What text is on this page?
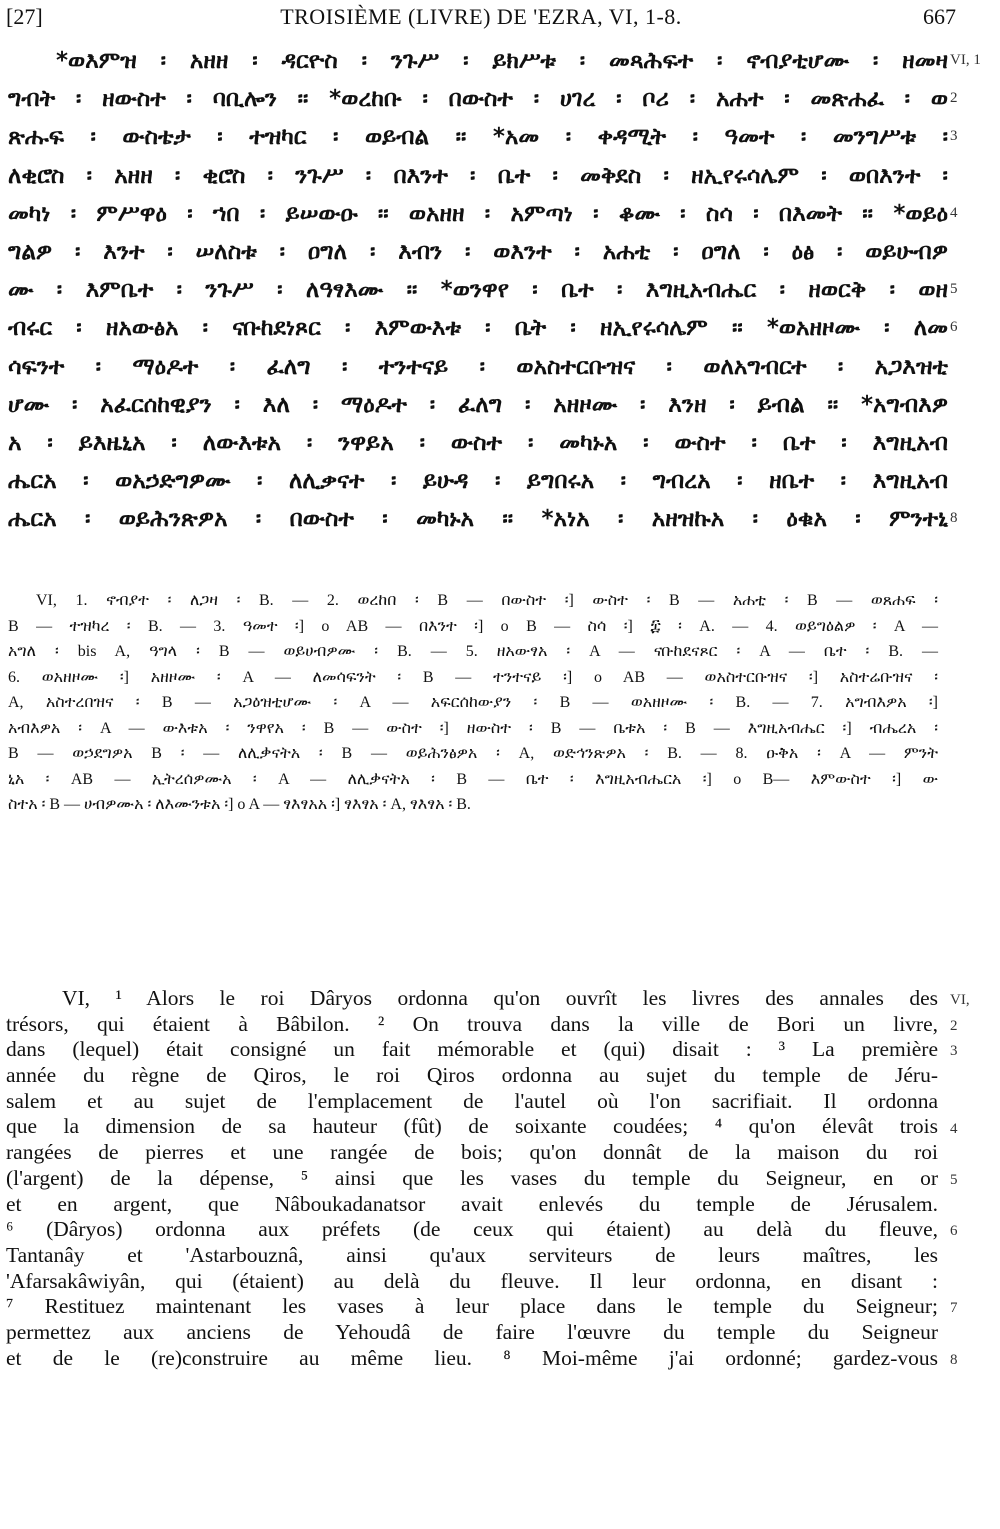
[27]	TROISIÈME (LIVRE) DE 'EZRA, VI, 1-8.	667
*ወእምዝ ፡ አዘዘ ፡ ዳርዮስ ፡ ንጉሥ ፡ ይክሥቱ ፡ መጻሕፍተ ፡ ኖብያቲሆሙ ፡ ዘመዛ
ግብት ፡ ዘውስተ ፡ ባቢሎን ። *ወረከቡ ፡ በውስተ ፡ ሀገረ ፡ ቦሪ ፡ አሐተ ፡ መጽሐፈ ፡ ወ
ጽሑፍ ፡ ውስቴታ ፡ ተዝካር ፡ ወይብል ። *አመ ፡ ቀዳሚት ፡ ዓመተ ፡ መንግሥቱ ፡
ለቂሮስ ፡ አዘዘ ፡ ቂሮስ ፡ ንጉሥ ፡ በእንተ ፡ ቤተ ፡ መቅደስ ፡ ዘኢየሩሳሌም ፡ ወበእንተ ፡
መካነ ፡ ምሥዋዕ ፡ ኀበ ፡ ይሠውዑ ። ወአዘዘ ፡ አምጣነ ፡ ቆሙ ፡ ስሳ ፡ በእመት ። *ወይዕ
ግልዎ ፡ እንተ ፡ ሠለስቱ ፡ ዐግለ ፡ እብን ፡ ወእንተ ፡ አሐቲ ፡ ዐግለ ፡ ዕፅ ፡ ወይሁብዎ
ሙ ፡ እምቤተ ፡ ንጉሥ ፡ ለዓፃእሙ ። *ወንዋየ ፡ ቤተ ፡ እግዚአብሔር ፡ ዘወርቅ ፡ ወዘ
ብሩር ፡ ዘአውፅአ ፡ ናቡከደነጾር ፡ እምውእቱ ፡ ቤት ፡ ዘኢየሩሳሌም ። *ወአዘዞሙ ፡ ለመ
ሳፍንተ ፡ ማዕዶተ ፡ ፈለግ ፡ ተንተናይ ፡ ወአስተርቡዝና ፡ ወለአግብርተ ፡ አጋእዝቲ
ሆሙ ፡ አፈርሰከዊያን ፡ እለ ፡ ማዕዶተ ፡ ፈለግ ፡ አዘዞሙ ፡ እንዘ ፡ ይብል ። *አግብእዎ
አ ፡ ይእዜኒአ ፡ ለውእቱአ ፡ ንዋይአ ፡ ውስተ ፡ መካኑአ ፡ ውስተ ፡ ቤተ ፡ እግዚአብ
ሔርአ ፡ ወአኃድግዎሙ ፡ ለሊቃናተ ፡ ይሁዳ ፡ ይግበሩአ ፡ ግብረአ ፡ ዘቤተ ፡ እግዚአብ
ሔርአ ፡ ወይሕንጽዎአ ፡ በውስተ ፡ መካኑአ ። *አነአ ፡ አዘዝኩአ ፡ ዕቁአ ፡ ምንተኒ
VI, 1
2
3
4
5
6
8
VI, 1. ኖብያተ ፡ ለጋዛ ፡ B. — 2. ወረከበ ፡ B — በውስተ ፡] ውስተ ፡ B — አሐቲ ፡ B — ወጸሐፍ ፡
B — ተዝካረ ፡ B. — 3. ዓመተ ፡] o AB — በእንተ ፡] o B — ስሳ ፡] ፰ ፡ A. — 4. ወይግዕልዎ ፡ A —
አግለ ፡ bis A, ዓግላ ፡ B — ወይሀብዎሙ ፡ B. — 5. ዘአውፃአ ፡ A — ናቡከደናጾር ፡ A — ቤተ ፡ B. —
6. ወአዘዞሙ ፡] አዘዞሙ ፡ A — ለመሳፍንት ፡ B — ተንተናይ ፡] o AB — ወአስተርቡዝና ፡] አስተሬቡዝና ፡
A, አስተረበዝና ፡ B — አጋዕዝቲሆሙ ፡ A — አፍርሰከውያን ፡ B — ወአዘዞሙ ፡ B. — 7. አግብእዎአ ፡]
አብእዎአ ፡ A — ውእቱአ ፡ ንዋየአ ፡ B — ውስተ ፡] ዘውስተ ፡ B — ቤቱአ ፡ B — እግዚአብሔር ፡] ብሔረአ ፡
B — ወኃደግዎአ B ፡ — ለሊቃናትአ ፡ B — ወይሕንፅዎአ ፡ A, ወድኅንጽዎአ ፡ B. — 8. ዑቅአ ፡ A — ምንት
ኒአ ፡ AB — ኢትረሰዎሙአ ፡ A — ለሊቃናትአ ፡ B — ቤተ ፡ እግዚአብሔርአ ፡] o B— እምውስተ ፡] ው
ስተአ ፡ B — ሀብዎሙአ ፡ ለእሙንቱአ ፡] o A — ፃእፃአአ ፡] ፃእፃአ ፡ A, ፃእፃአ ፡ B.
VI, ¹ Alors le roi Dâryos ordonna qu'on ouvrît les livres des annales des
trésors, qui étaient à Bâbilon. ² On trouva dans la ville de Bori un livre,
dans (lequel) était consigné un fait mémorable et (qui) disait : ³ La première
année du règne de Qiros, le roi Qiros ordonna au sujet du temple de Jéru-
salem et au sujet de l'emplacement de l'autel où l'on sacrifiait. Il ordonna
que la dimension de sa hauteur (fût) de soixante coudées; ⁴ qu'on élevât trois
rangées de pierres et une rangée de bois; qu'on donnât de la maison du roi
(l'argent) de la dépense, ⁵ ainsi que les vases du temple du Seigneur, en or
et en argent, que Nâboukadanatsor avait enlevés du temple de Jérusalem.
⁶ (Dâryos) ordonna aux préfets (de ceux qui étaient) au delà du fleuve,
Tantanây et 'Astarbouznâ, ainsi qu'aux serviteurs de leurs maîtres, les
'Afarsakâwiyân, qui (étaient) au delà du fleuve. Il leur ordonna, en disant :
⁷ Restituez maintenant les vases à leur place dans le temple du Seigneur;
permettez aux anciens de Yehoudâ de faire l'œuvre du temple du Seigneur
et de le (re)construire au même lieu. ⁸ Moi-même j'ai ordonné; gardez-vous
VI,
2
3
4
5
6
7
8
